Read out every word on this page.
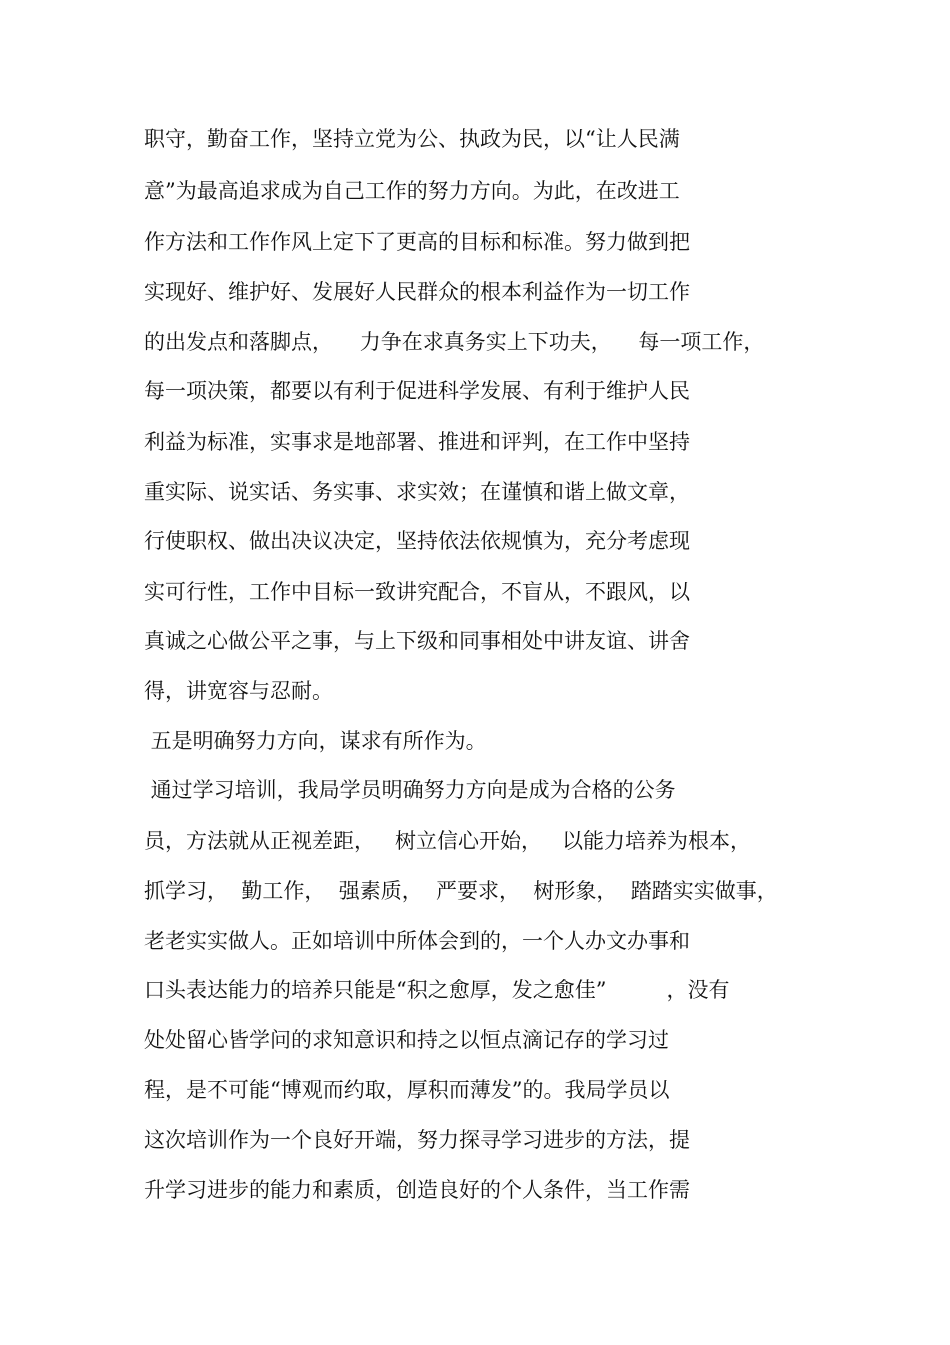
职守，勤奋工作，坚持立党为公、执政为民，以“让人民满
意”为最高追求成为自己工作的努力方向。为此，在改进工
作方法和工作作风上定下了更高的目标和标准。努力做到把
实现好、维护好、发展好人民群众的根本利益作为一切工作
的出发点和落脚点，    力争在求真务实上下功夫，    每一项工作，
每一项决策，都要以有利于促进科学发展、有利于维护人民
利益为标准，实事求是地部署、推进和评判，在工作中坚持
重实际、说实话、务实事、求实效；在谨慎和谐上做文章，
行使职权、做出决议决定，坚持依法依规慎为，充分考虑现
实可行性，工作中目标一致讲究配合，不盲从，不跟风，以
真诚之心做公平之事，与上下级和同事相处中讲友谊、讲舍
得，讲宽容与忍耐。
五是明确努力方向，谋求有所作为。
通过学习培训，我局学员明确努力方向是成为合格的公务
员，方法就从正视差距，   树立信心开始，   以能力培养为根本，
抓学习，  勤工作，  强素质，  严要求，  树形象，  踏踏实实做事，
老老实实做人。正如培训中所体会到的，一个人办文办事和
口头表达能力的培养只能是“积之愈厚，发之愈佳”         ，没有
处处留心皆学问的求知意识和持之以恒点滴记存的学习过
程，是不可能“博观而约取，厚积而薄发”的。我局学员以
这次培训作为一个良好开端，努力探寻学习进步的方法，提
升学习进步的能力和素质，创造良好的个人条件，当工作需
